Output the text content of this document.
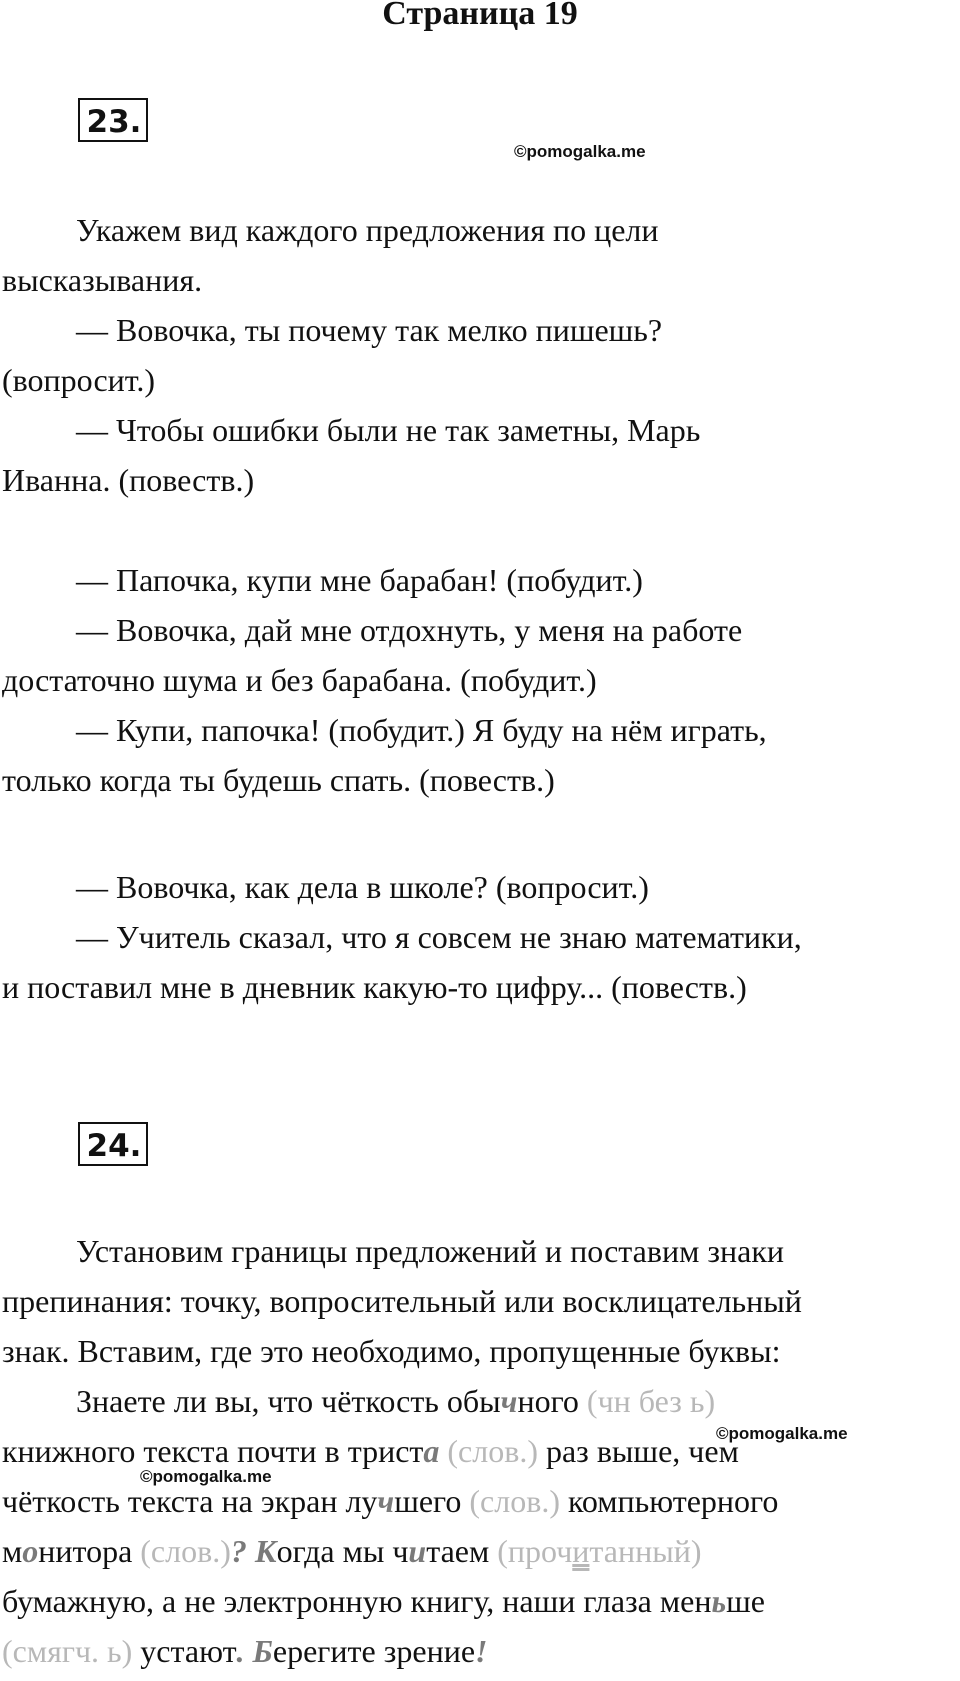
Страница 19
23.
©pomogalka.me

Укажем вид каждого предложения по цели

высказывания.

— Вовочка, ты почему так мелко пишешь?

(вопросит.)

— Чтобы ошибки были не так заметны, Марь

Иванна. (повеств.)

— Папочка, купи мне барабан! (побудит.)

— Вовочка, дай мне отдохнуть, у меня на работе

достаточно шума и без барабана. (побудит.)

— Купи, папочка! (побудит.) Я буду на нём играть,

только когда ты будешь спать. (повеств.)

— Вовочка, как дела в школе? (вопросит.)

— Учитель сказал, что я совсем не знаю математики,

и поставил мне в дневник какую-то цифру... (повеств.)

24.

Установим границы предложений и поставим знаки

препинания: точку, вопросительный или восклицательный

знак. Вставим, где это необходимо, пропущенные буквы:

Знаете ли вы, что чёткость обычного (чн без ь)

книжного текста почти в триста (слов.) раз выше, чем

чёткость текста на экран лучшего (слов.) компьютерного

монитора (слов.)? Когда мы читаем (прочитанный)

бумажную, а не электронную книгу, наши глаза меньше

(смягч. ь) устают. Берегите зрение!

©pomogalka.me
©pomogalka.me
